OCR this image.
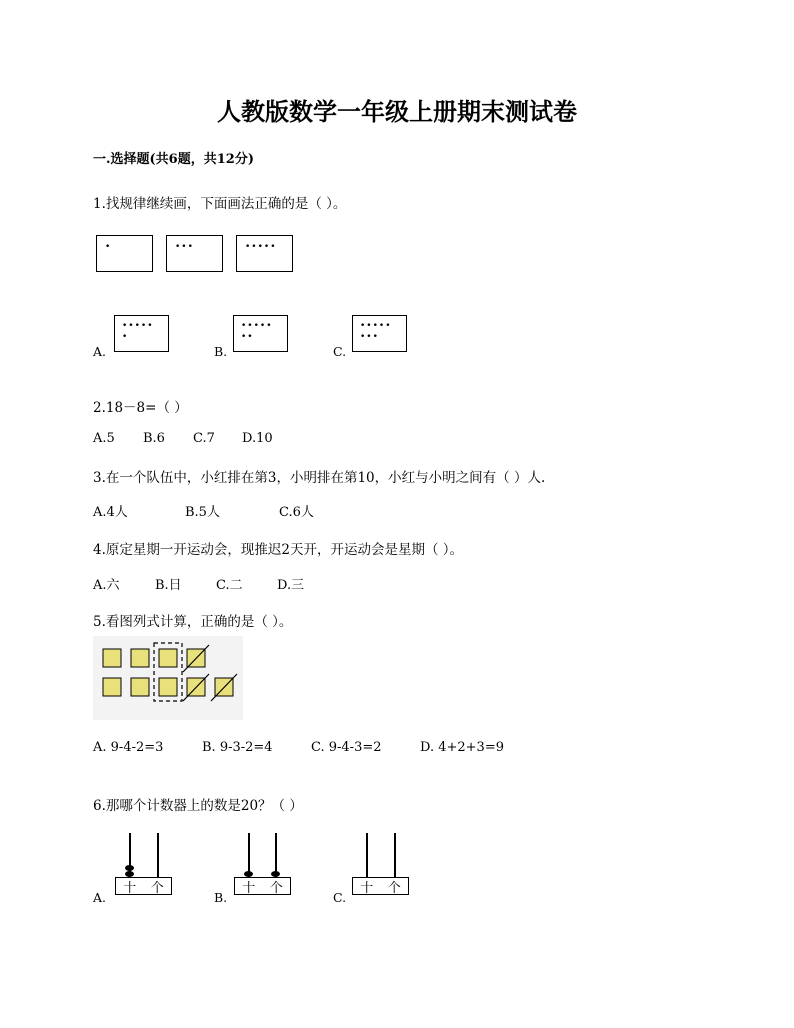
人教版数学一年级上册期末测试卷
一.选择题(共6题，共12分)
1.找规律继续画，下面画法正确的是（ ）。
•	•••	•••••
A.
•••••
•
B.
•••••
••
C.
•••••
•••
2.18－8=（ ）
A.5 B.6 C.7 D.10
3.在一个队伍中，小红排在第3，小明排在第10，小红与小明之间有（ ）人.
A.4人	B.5人	C.6人
4.原定星期一开运动会，现推迟2天开，开运动会是星期（ ）。
A.六	B.日	C.二	D.三
5.看图列式计算，正确的是（ ）。
A. 9-4-2=3	B. 9-3-2=4	C. 9-4-3=2	D. 4+2+3=9
6.那哪个计数器上的数是20？（ ）
A.
十 个
B.
十 个
C.
十 个
